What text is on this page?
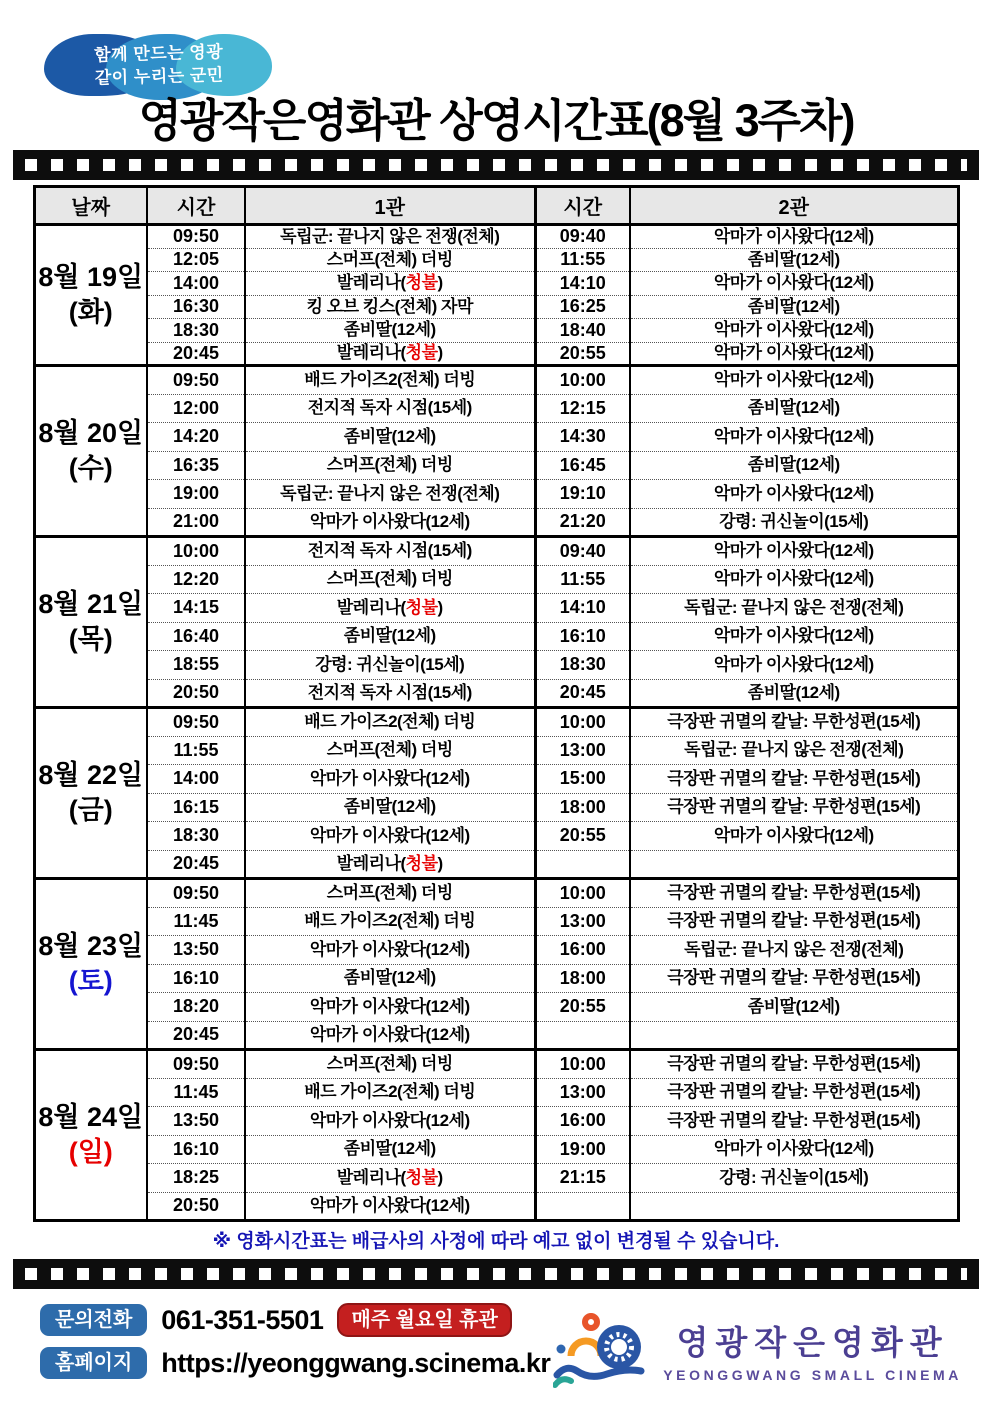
함께 만드는 영광
같이 누리는 군민
영광작은영화관 상영시간표(8월 3주차)
날짜	시간	1관	시간	2관

8월 19일
(화)	09:50	독립군: 끝나지 않은 전쟁(전체)	09:40	악마가 이사왔다(12세)
	12:05	스머프(전체) 더빙	11:55	좀비딸(12세)
	14:00	발레리나(청불)	14:10	악마가 이사왔다(12세)
	16:30	킹 오브 킹스(전체) 자막	16:25	좀비딸(12세)
	18:30	좀비딸(12세)	18:40	악마가 이사왔다(12세)
	20:45	발레리나(청불)	20:55	악마가 이사왔다(12세)

8월 20일
(수)	09:50	배드 가이즈2(전체) 더빙	10:00	악마가 이사왔다(12세)
	12:00	전지적 독자 시점(15세)	12:15	좀비딸(12세)
	14:20	좀비딸(12세)	14:30	악마가 이사왔다(12세)
	16:35	스머프(전체) 더빙	16:45	좀비딸(12세)
	19:00	독립군: 끝나지 않은 전쟁(전체)	19:10	악마가 이사왔다(12세)
	21:00	악마가 이사왔다(12세)	21:20	강령: 귀신놀이(15세)

8월 21일
(목)	10:00	전지적 독자 시점(15세)	09:40	악마가 이사왔다(12세)
	12:20	스머프(전체) 더빙	11:55	악마가 이사왔다(12세)
	14:15	발레리나(청불)	14:10	독립군: 끝나지 않은 전쟁(전체)
	16:40	좀비딸(12세)	16:10	악마가 이사왔다(12세)
	18:55	강령: 귀신놀이(15세)	18:30	악마가 이사왔다(12세)
	20:50	전지적 독자 시점(15세)	20:45	좀비딸(12세)

8월 22일
(금)	09:50	배드 가이즈2(전체) 더빙	10:00	극장판 귀멸의 칼날: 무한성편(15세)
	11:55	스머프(전체) 더빙	13:00	독립군: 끝나지 않은 전쟁(전체)
	14:00	악마가 이사왔다(12세)	15:00	극장판 귀멸의 칼날: 무한성편(15세)
	16:15	좀비딸(12세)	18:00	극장판 귀멸의 칼날: 무한성편(15세)
	18:30	악마가 이사왔다(12세)	20:55	악마가 이사왔다(12세)
	20:45	발레리나(청불)		

8월 23일
(토)	09:50	스머프(전체) 더빙	10:00	극장판 귀멸의 칼날: 무한성편(15세)
	11:45	배드 가이즈2(전체) 더빙	13:00	극장판 귀멸의 칼날: 무한성편(15세)
	13:50	악마가 이사왔다(12세)	16:00	독립군: 끝나지 않은 전쟁(전체)
	16:10	좀비딸(12세)	18:00	극장판 귀멸의 칼날: 무한성편(15세)
	18:20	악마가 이사왔다(12세)	20:55	좀비딸(12세)
	20:45	악마가 이사왔다(12세)		

8월 24일
(일)	09:50	스머프(전체) 더빙	10:00	극장판 귀멸의 칼날: 무한성편(15세)
	11:45	배드 가이즈2(전체) 더빙	13:00	극장판 귀멸의 칼날: 무한성편(15세)
	13:50	악마가 이사왔다(12세)	16:00	극장판 귀멸의 칼날: 무한성편(15세)
	16:10	좀비딸(12세)	19:00	악마가 이사왔다(12세)
	18:25	발레리나(청불)	21:15	강령: 귀신놀이(15세)
	20:50	악마가 이사왔다(12세)		
※ 영화시간표는 배급사의 사정에 따라 예고 없이 변경될 수 있습니다.
문의전화	061-351-5501	매주 월요일 휴관
홈페이지	https://yeonggwang.scinema.kr
영광작은영화관
YEONGGWANG SMALL CINEMA
